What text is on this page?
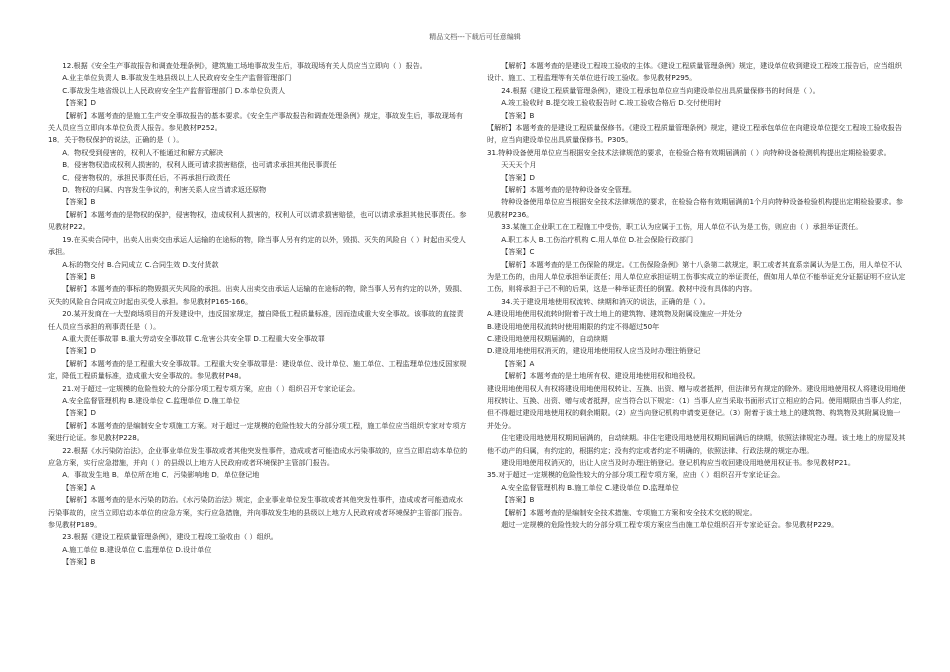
精品文档---下载后可任意编辑

12.根据《安全生产事故报告和调查处理条例》，建筑施工场地事故发生后，事故现场有关人员应当立即向（ ）报告。

A.业主单位负责人 B.事故发生地县级以上人民政府安全生产监督管理部门

C.事故发生地省级以上人民政府安全生产监督管理部门 D.本单位负责人

【答案】D

【解析】本题考查的是施工生产安全事故报告的基本要求。《安全生产事故报告和调查处理条例》规定，事故发生后，事故现场有关人员应当立即向本单位负责人报告。参见教材P252。

18．关于物权保护的说法，正确的是（ ）。

A．物权受到侵害的，权利人不能通过和解方式解决

B．侵害物权造成权利人损害的，权利人既可请求损害赔偿，也可请求承担其他民事责任

C．侵害物权的，承担民事责任后，不再承担行政责任

D．物权的归属、内容发生争议的，利害关系人应当请求返还原物

【答案】B

【解析】本题考查的是物权的保护，侵害物权，造成权利人损害的，权利人可以请求损害赔偿，也可以请求承担其他民事责任。参见教材P22。

19.在买卖合同中，出卖人出卖交由承运人运输的在途标的物，除当事人另有约定的以外，毁损、灭失的风险自（ ）时起由买受人承担。

A.标的物交付 B.合同成立 C.合同生效 D.支付货款

【答案】B

【解析】本题考查的事标的物毁损灭失风险的承担。出卖人出卖交由承运人运输的在途标的物，除当事人另有约定的以外，毁损、灭失的风险自合同成立时起由买受人承担。参见教材P165-166。

20.某开发商在一大型商场项目的开发建设中，违反国家规定，擅自降低工程质量标准，因而造成重大安全事故。该事故的直接责任人员应当承担的刑事责任是（ ）。

A.重大责任事故罪 B.重大劳动安全事故罪 C.危害公共安全罪 D.工程重大安全事故罪

【答案】D

【解析】本题考查的是工程重大安全事故罪。工程重大安全事故罪是：建设单位、设计单位、施工单位、工程监理单位违反国家规定，降低工程质量标准，造成重大安全事故的。参见教材P48。

21.对于超过一定规模的危险性较大的分部分项工程专项方案，应由（ ）组织召开专家论证会。

A.安全监督管理机构 B.建设单位 C.监理单位 D.施工单位

【答案】D

【解析】本题考查的是编制安全专项施工方案。对于超过一定规模的危险性较大的分部分项工程，施工单位应当组织专家对专项方案进行论证。参见教材P228。

22.根据《水污染防治法》，企业事业单位发生事故或者其他突发性事件，造成或者可能造成水污染事故的，应当立即启动本单位的应急方案，实行应急措施，并向（ ）的县级以上地方人民政府或者环境保护主管部门报告。

A．事故发生地 B．单位所在地 C．污染影响地 D．单位登记地

【答案】A

【解析】本题考查的是水污染的防治。《水污染防治法》规定，企业事业单位发生事故或者其他突发性事件，造成或者可能造成水污染事故的，应当立即启动本单位的应急方案，实行应急措施，并向事故发生地的县级以上地方人民政府或者环境保护主管部门报告。参见教材P189。

23.根据《建设工程质量管理条例》，建设工程竣工验收由（ ）组织。

A.施工单位 B.建设单位 C.监理单位 D.设计单位

【答案】B

【解析】本题考查的是建设工程竣工验收的主体。《建设工程质量管理条例》规定，建设单位收到建设工程竣工报告后，应当组织设计、施工、工程监理等有关单位进行竣工验收。参见教材P295。

24.根据《建设工程质量管理条例》，建设工程承包单位应当向建设单位出具质量保修书的时间是（ ）。

A.竣工验收时 B.提交竣工验收报告时 C.竣工验收合格后 D.交付使用时

【答案】B

【解析】本题考查的是建设工程质量保修书。《建设工程质量管理条例》规定，建设工程承包单位在向建设单位提交工程竣工验收报告时，应当向建设单位出具质量保修书。P305。

31.特种设备使用单位应当根据安全技术法律规范的要求，在检验合格有效期届满前（ ）向特种设备检测机构提出定期检验要求。

天天天个月

【答案】D

【解析】本题考查的是特种设备安全管理。

特种设备使用单位应当根据安全技术法律规范的要求，在检验合格有效期届满前1个月向特种设备检验机构提出定期检验要求。参见教材P236。

33.某施工企业职工在工程施工中受伤，职工认为应属于工伤，用人单位不认为是工伤，则应由（ ）承担举证责任。

A.职工本人 B.工伤治疗机构 C.用人单位 D.社会保险行政部门

【答案】C

【解析】本题考查的是工伤保险的规定。《工伤保险条例》第十八条第二款规定，职工或者其直系亲属认为是工伤，用人单位不认为是工伤的，由用人单位承担举证责任；用人单位应承担证明工伤事实成立的举证责任，假如用人单位不能举证充分证据证明不应认定工伤，则将承担于己不利的后果，这是一种举证责任的倒置。教材中没有具体的内容。

34.关于建设用地使用权流转、续期和消灭的说法，正确的是（ ）。

A.建设用地使用权流转时附着于改土地上的建筑物、建筑物及附属设施应一并处分

B.建设用地使用权流转时使用期限的约定不得超过50年

C.建设用地使用权期届满的，自动续期

D.建设用地使用权消灭的，建设用地使用权人应当及时办理注销登记

【答案】A

【解析】本题考查的是土地所有权、建设用地使用权和地役权。

建设用地使用权人有权将建设用地使用权转让、互换、出资、赠与或者抵押，但法律另有规定的除外。建设用地使用权人将建设用地使用权转让、互换、出资、赠与或者抵押，应当符合以下规定：（1）当事人应当采取书面形式订立相应的合同。使用期限由当事人约定，但不得超过建设用地使用权的剩余期限。（2）应当向登记机构申请变更登记。（3）附着于该土地上的建筑物、构筑物及其附属设施一并处分。

住宅建设用地使用权期间届满的，自动续期。非住宅建设用地使用权期间届满后的续期，依照法律规定办理。该土地上的房屋及其他不动产的归属，有约定的，根据约定；没有约定或者约定不明确的，依照法律、行政法规的规定办理。

建设用地使用权消灭的，出让人应当及时办理注销登记。登记机构应当收回建设用地使用权证书。参见教材P21。

35.对于超过一定规模的危险性较大的分部分项工程专项方案，应由（ ）组织召开专家论证会。

A.安全监督管理机构 B.施工单位 C.建设单位 D.监理单位

【答案】B

【解析】本题考查的是编制安全技术措施、专项施工方案和安全技术交底的规定。

超过一定规模的危险性较大的分部分项工程专项方案应当由施工单位组织召开专家论证会。参见教材P229。
